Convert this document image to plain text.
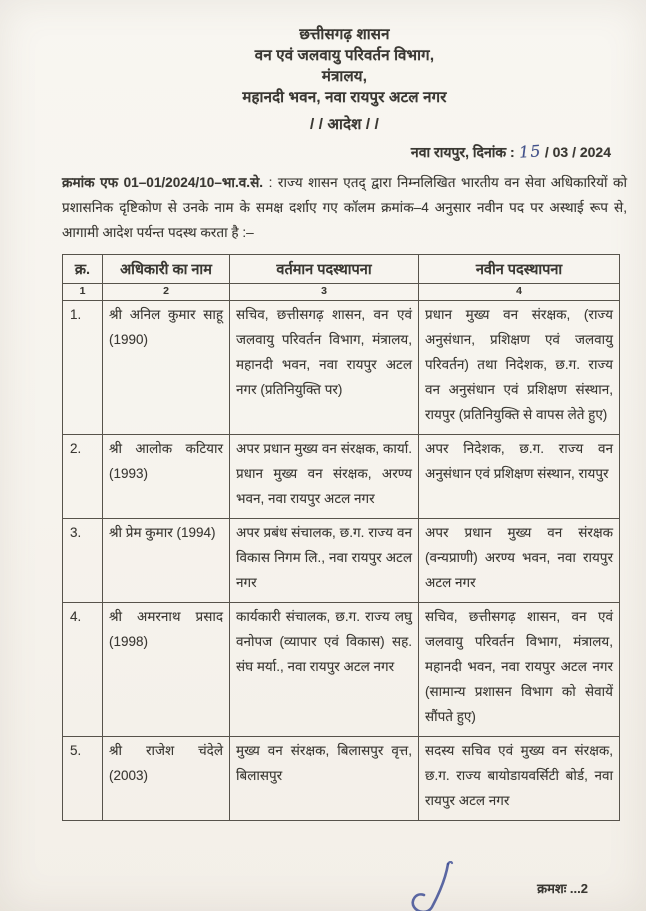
छत्तीसगढ़ शासन
वन एवं जलवायु परिवर्तन विभाग,
मंत्रालय,
महानदी भवन, नवा रायपुर अटल नगर
/ / आदेश / /
नवा रायपुर, दिनांक : 15 / 03 / 2024

क्रमांक एफ 01–01/2024/10–भा.व.से. : राज्य शासन एतद् द्वारा निम्नलिखित भारतीय वन सेवा अधिकारियों को प्रशासनिक दृष्टिकोण से उनके नाम के समक्ष दर्शाए गए कॉलम क्रमांक–4 अनुसार नवीन पद पर अस्थाई रूप से, आगामी आदेश पर्यन्त पदस्थ करता है :–

क्र.	अधिकारी का नाम	वर्तमान पदस्थापना	नवीन पदस्थापना
1	2	3	4
1.	श्री अनिल कुमार साहू (1990)	सचिव, छत्तीसगढ़ शासन, वन एवं जलवायु परिवर्तन विभाग, मंत्रालय, महानदी भवन, नवा रायपुर अटल नगर (प्रतिनियुक्ति पर)	प्रधान मुख्य वन संरक्षक, (राज्य अनुसंधान, प्रशिक्षण एवं जलवायु परिवर्तन) तथा निदेशक, छ.ग. राज्य वन अनुसंधान एवं प्रशिक्षण संस्थान, रायपुर (प्रतिनियुक्ति से वापस लेते हुए)
2.	श्री आलोक कटियार (1993)	अपर प्रधान मुख्य वन संरक्षक, कार्या. प्रधान मुख्य वन संरक्षक, अरण्य भवन, नवा रायपुर अटल नगर	अपर निदेशक, छ.ग. राज्य वन अनुसंधान एवं प्रशिक्षण संस्थान, रायपुर
3.	श्री प्रेम कुमार (1994)	अपर प्रबंध संचालक, छ.ग. राज्य वन विकास निगम लि., नवा रायपुर अटल नगर	अपर प्रधान मुख्य वन संरक्षक (वन्यप्राणी) अरण्य भवन, नवा रायपुर अटल नगर
4.	श्री अमरनाथ प्रसाद (1998)	कार्यकारी संचालक, छ.ग. राज्य लघु वनोपज (व्यापार एवं विकास) सह. संघ मर्या., नवा रायपुर अटल नगर	सचिव, छत्तीसगढ़ शासन, वन एवं जलवायु परिवर्तन विभाग, मंत्रालय, महानदी भवन, नवा रायपुर अटल नगर (सामान्य प्रशासन विभाग को सेवायें सौंपते हुए)
5.	श्री राजेश चंदेले (2003)	मुख्य वन संरक्षक, बिलासपुर वृत्त, बिलासपुर	सदस्य सचिव एवं मुख्य वन संरक्षक, छ.ग. राज्य बायोडायवर्सिटी बोर्ड, नवा रायपुर अटल नगर
क्रमशः ...2
